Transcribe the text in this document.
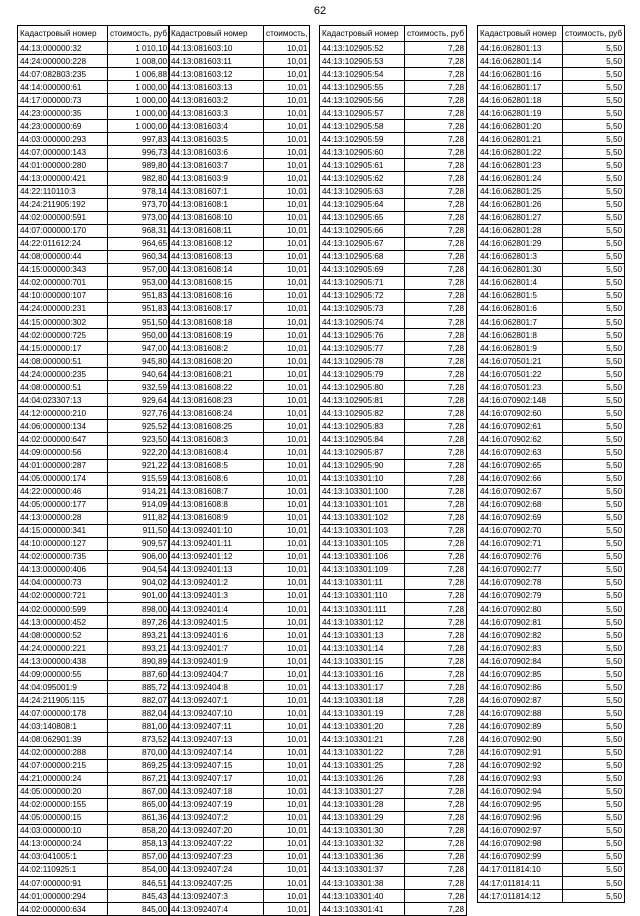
62
Кадастровый номер	стоимость, руб
44:13:000000:32	1 010,10
44:24:000000:228	1 008,00
44:07:082803:235	1 006,88
44:14:000000:61	1 000,00
44:17:000000:73	1 000,00
44:23:000000:35	1 000,00
44:23:000000:69	1 000,00
44:03:000000:293	997,83
44:07:000000:143	996,73
44:01:000000:280	989,80
44:13:000000:421	982,80
44:22:110110:3	978,14
44:24:211905:192	973,70
44:02:000000:591	973,00
44:07:000000:170	968,31
44:22:011612:24	964,65
44:08:000000:44	960,34
44:15:000000:343	957,00
44:02:000000:701	953,00
44:10:000000:107	951,83
44:24:000000:231	951,83
44:15:000000:302	951,50
44:02:000000:725	950,00
44:15:000000:17	947,00
44:08:000000:51	945,80
44:24:000000:235	940,64
44:08:000000:51	932,59
44:04:023307:13	929,64
44:12:000000:210	927,76
44:06:000000:134	925,52
44:02:000000:647	923,50
44:09:000000:56	922,20
44:01:000000:287	921,22
44:05:000000:174	915,59
44:22:000000:46	914,21
44:05:000000:177	914,09
44:13:000000:28	911,82
44:15:000000:341	911,50
44:10:000000:127	909,57
44:02:000000:735	906,00
44:13:000000:406	904,54
44:04:000000:73	904,02
44:02:000000:721	901,00
44:02:000000:599	898,00
44:13:000000:452	897,26
44:08:000000:52	893,21
44:24:000000:221	893,21
44:13:000000:438	890,89
44:09:000000:55	887,60
44:04:095001:9	885,72
44:24:211905:115	882,07
44:07:000000:178	882,04
44:03:140808:1	881,00
44:08:062901:39	873,52
44:02:000000:288	870,00
44:07:000000:215	869,25
44:21:000000:24	867,21
44:05:000000:20	867,00
44:02:000000:155	865,00
44:05:000000:15	861,36
44:03:000000:10	858,20
44:13:000000:24	858,13
44:03:041005:1	857,00
44:02:110925:1	854,00
44:07:000000:91	846,51
44:01:000000:294	845,43
44:02:000000:634	845,00
Кадастровый номер	стоимость,
44:13:081603:10	10,01
44:13:081603:11	10,01
44:13:081603:12	10,01
44:13:081603:13	10,01
44:13:081603:2	10,01
44:13:081603:3	10,01
44:13:081603:4	10,01
44:13:081603:5	10,01
44:13:081603:6	10,01
44:13:081603:7	10,01
44:13:081603:9	10,01
44:13:081607:1	10,01
44:13:081608:1	10,01
44:13:081608:10	10,01
44:13:081608:11	10,01
44:13:081608:12	10,01
44:13:081608:13	10,01
44:13:081608:14	10,01
44:13:081608:15	10,01
44:13:081608:16	10,01
44:13:081608:17	10,01
44:13:081608:18	10,01
44:13:081608:19	10,01
44:13:081608:2	10,01
44:13:081608:20	10,01
44:13:081608:21	10,01
44:13:081608:22	10,01
44:13:081608:23	10,01
44:13:081608:24	10,01
44:13:081608:25	10,01
44:13:081608:3	10,01
44:13:081608:4	10,01
44:13:081608:5	10,01
44:13:081608:6	10,01
44:13:081608:7	10,01
44:13:081608:8	10,01
44:13:081608:9	10,01
44:13:092401:10	10,01
44:13:092401:11	10,01
44:13:092401:12	10,01
44:13:092401:13	10,01
44:13:092401:2	10,01
44:13:092401:3	10,01
44:13:092401:4	10,01
44:13:092401:5	10,01
44:13:092401:6	10,01
44:13:092401:7	10,01
44:13:092401:9	10,01
44:13:092404:7	10,01
44:13:092404:8	10,01
44:13:092407:1	10,01
44:13:092407:10	10,01
44:13:092407:11	10,01
44:13:092407:13	10,01
44:13:092407:14	10,01
44:13:092407:15	10,01
44:13:092407:17	10,01
44:13:092407:18	10,01
44:13:092407:19	10,01
44:13:092407:2	10,01
44:13:092407:20	10,01
44:13:092407:22	10,01
44:13:092407:23	10,01
44:13:092407:24	10,01
44:13:092407:25	10,01
44:13:092407:3	10,01
44:13:092407:4	10,01
Кадастровый номер	стоимость, руб
44:13:102905:52	7,28
44:13:102905:53	7,28
44:13:102905:54	7,28
44:13:102905:55	7,28
44:13:102905:56	7,28
44:13:102905:57	7,28
44:13:102905:58	7,28
44:13:102905:59	7,28
44:13:102905:60	7,28
44:13:102905:61	7,28
44:13:102905:62	7,28
44:13:102905:63	7,28
44:13:102905:64	7,28
44:13:102905:65	7,28
44:13:102905:66	7,28
44:13:102905:67	7,28
44:13:102905:68	7,28
44:13:102905:69	7,28
44:13:102905:71	7,28
44:13:102905:72	7,28
44:13:102905:73	7,28
44:13:102905:74	7,28
44:13:102905:76	7,28
44:13:102905:77	7,28
44:13:102905:78	7,28
44:13:102905:79	7,28
44:13:102905:80	7,28
44:13:102905:81	7,28
44:13:102905:82	7,28
44:13:102905:83	7,28
44:13:102905:84	7,28
44:13:102905:87	7,28
44:13:102905:90	7,28
44:13:103301:10	7,28
44:13:103301:100	7,28
44:13:103301:101	7,28
44:13:103301:102	7,28
44:13:103301:103	7,28
44:13:103301:105	7,28
44:13:103301:106	7,28
44:13:103301:109	7,28
44:13:103301:11	7,28
44:13:103301:110	7,28
44:13:103301:111	7,28
44:13:103301:12	7,28
44:13:103301:13	7,28
44:13:103301:14	7,28
44:13:103301:15	7,28
44:13:103301:16	7,28
44:13:103301:17	7,28
44:13:103301:18	7,28
44:13:103301:19	7,28
44:13:103301:20	7,28
44:13:103301:21	7,28
44:13:103301:22	7,28
44:13:103301:25	7,28
44:13:103301:26	7,28
44:13:103301:27	7,28
44:13:103301:28	7,28
44:13:103301:29	7,28
44:13:103301:30	7,28
44:13:103301:32	7,28
44:13:103301:36	7,28
44:13:103301:37	7,28
44:13:103301:38	7,28
44:13:103301:40	7,28
44:13:103301:41	7,28
Кадастровый номер	стоимость, руб
44:16:062801:13	5,50
44:16:062801:14	5,50
44:16:062801:16	5,50
44:16:062801:17	5,50
44:16:062801:18	5,50
44:16:062801:19	5,50
44:16:062801:20	5,50
44:16:062801:21	5,50
44:16:062801:22	5,50
44:16:062801:23	5,50
44:16:062801:24	5,50
44:16:062801:25	5,50
44:16:062801:26	5,50
44:16:062801:27	5,50
44:16:062801:28	5,50
44:16:062801:29	5,50
44:16:062801:3	5,50
44:16:062801:30	5,50
44:16:062801:4	5,50
44:16:062801:5	5,50
44:16:062801:6	5,50
44:16:062801:7	5,50
44:16:062801:8	5,50
44:16:062801:9	5,50
44:16:070501:21	5,50
44:16:070501:22	5,50
44:16:070501:23	5,50
44:16:070902:148	5,50
44:16:070902:60	5,50
44:16:070902:61	5,50
44:16:070902:62	5,50
44:16:070902:63	5,50
44:16:070902:65	5,50
44:16:070902:66	5,50
44:16:070902:67	5,50
44:16:070902:68	5,50
44:16:070902:69	5,50
44:16:070902:70	5,50
44:16:070902:71	5,50
44:16:070902:76	5,50
44:16:070902:77	5,50
44:16:070902:78	5,50
44:16:070902:79	5,50
44:16:070902:80	5,50
44:16:070902:81	5,50
44:16:070902:82	5,50
44:16:070902:83	5,50
44:16:070902:84	5,50
44:16:070902:85	5,50
44:16:070902:86	5,50
44:16:070902:87	5,50
44:16:070902:88	5,50
44:16:070902:89	5,50
44:16:070902:90	5,50
44:16:070902:91	5,50
44:16:070902:92	5,50
44:16:070902:93	5,50
44:16:070902:94	5,50
44:16:070902:95	5,50
44:16:070902:96	5,50
44:16:070902:97	5,50
44:16:070902:98	5,50
44:16:070902:99	5,50
44:17:011814:10	5,50
44:17:011814:11	5,50
44:17:011814:12	5,50
